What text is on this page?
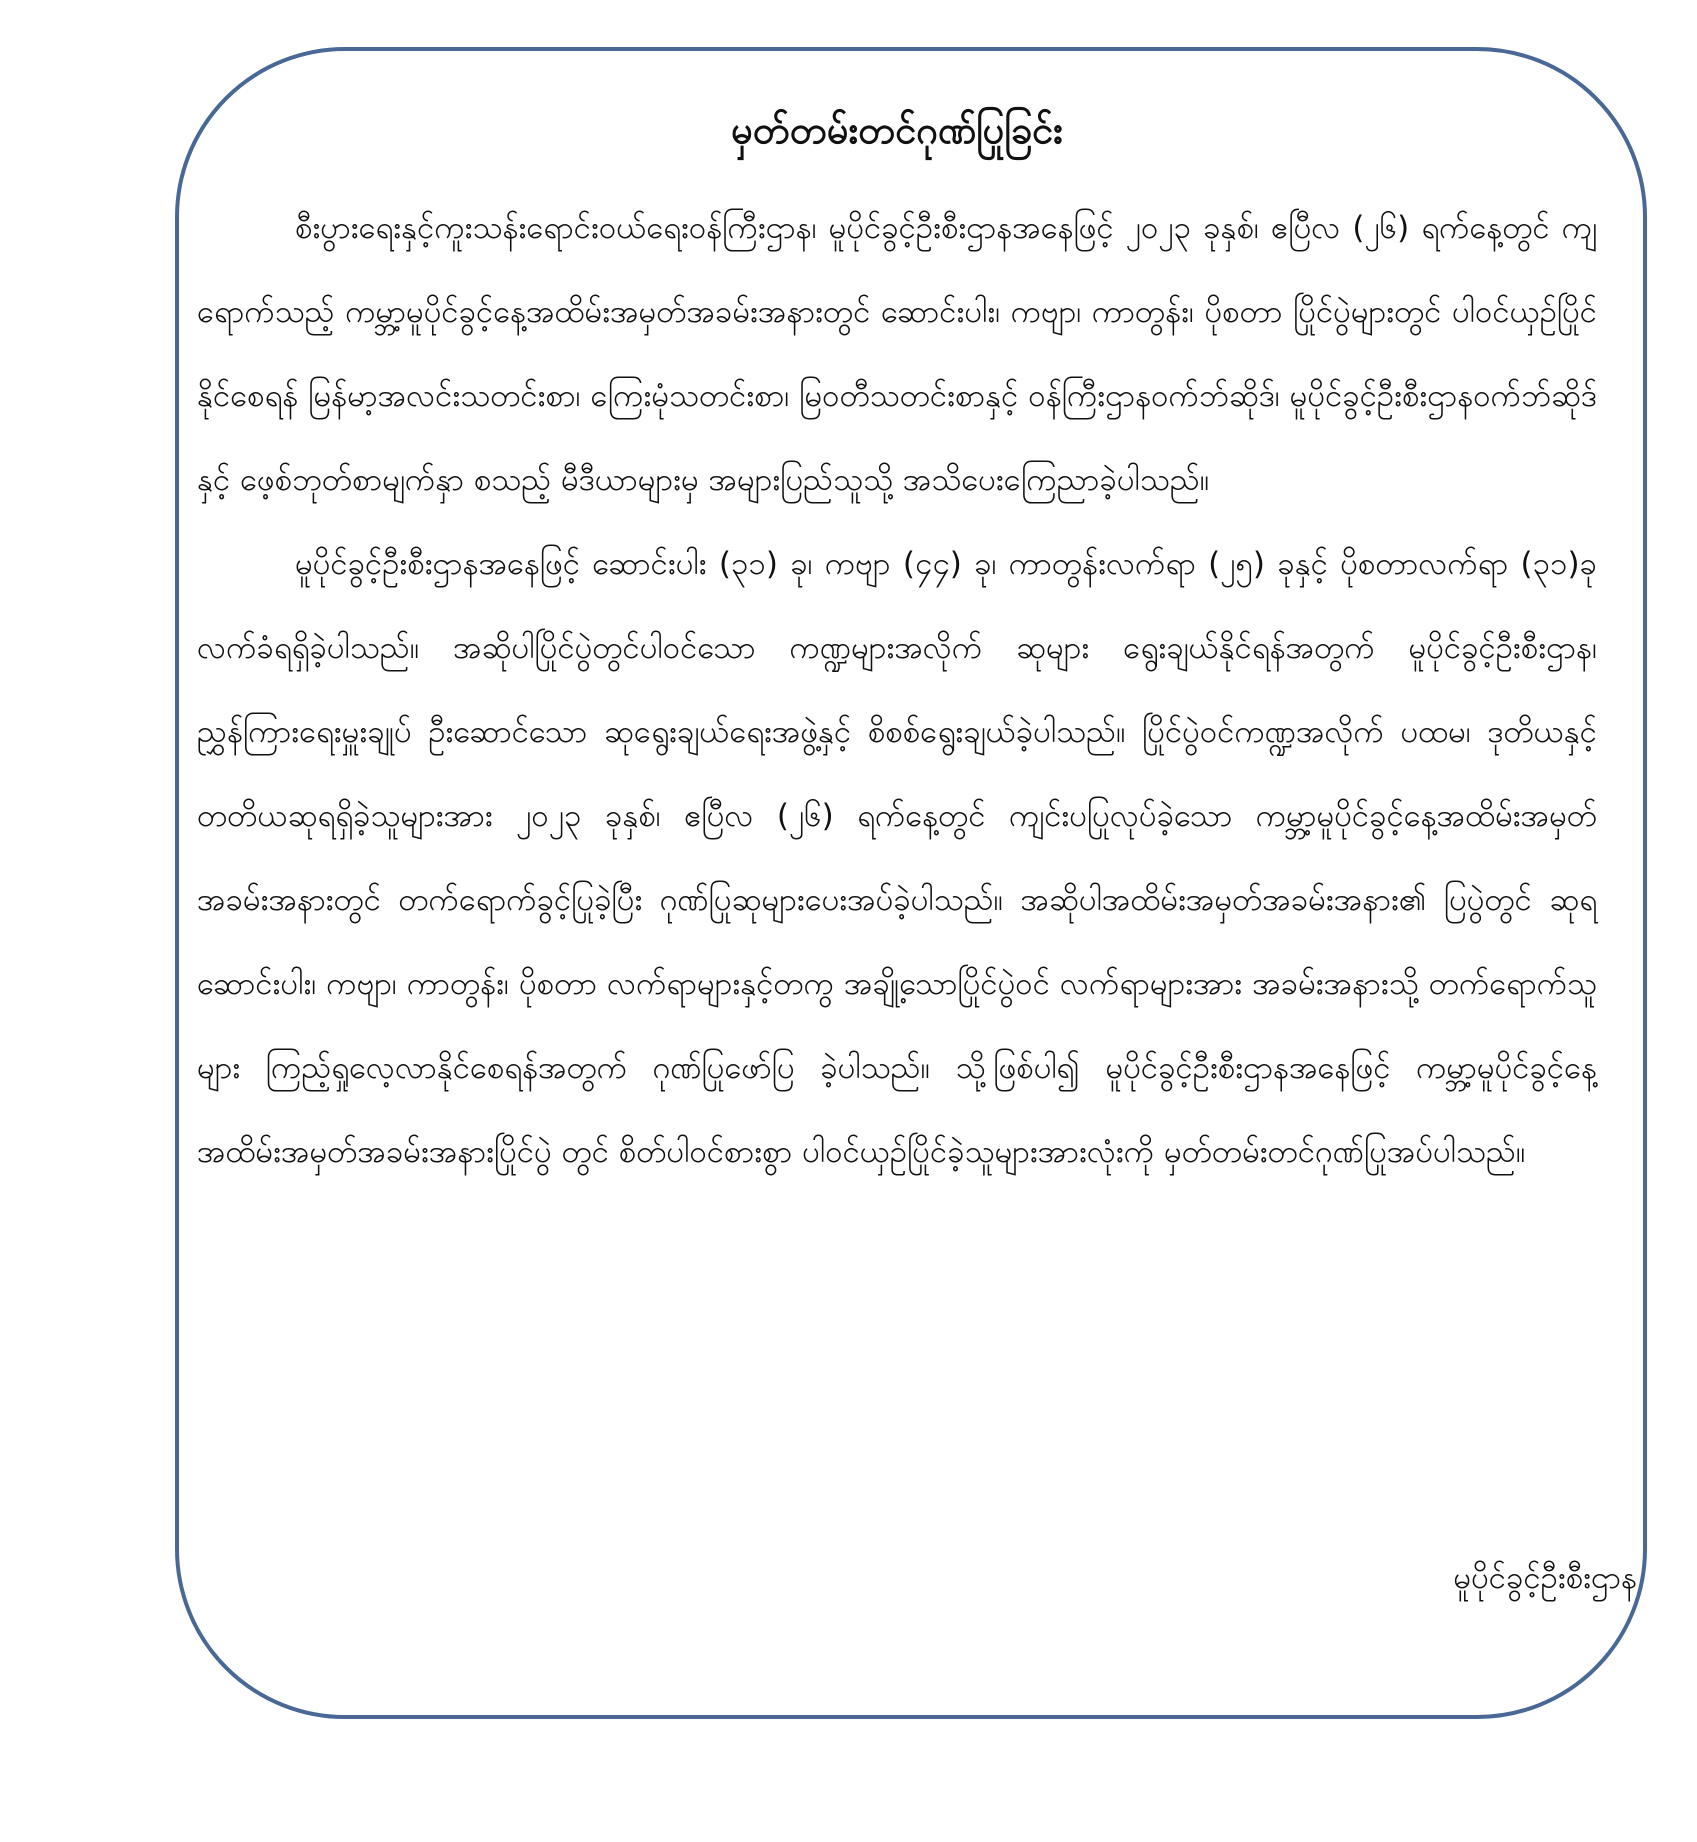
မှတ်တမ်းတင်ဂုဏ်ပြုခြင်း

စီးပွားရေးနှင့်ကူးသန်းရောင်းဝယ်ရေးဝန်ကြီးဌာန၊ မူပိုင်ခွင့်ဦးစီးဌာနအနေဖြင့် ၂၀၂၃ ခုနှစ်၊ ဧပြီလ (၂၆) ရက်နေ့တွင် ကျရောက်သည့် ကမ္ဘာ့မူပိုင်ခွင့်နေ့အထိမ်းအမှတ်အခမ်းအနားတွင် ဆောင်းပါး၊ ကဗျာ၊ ကာတွန်း၊ ပိုစတာ ပြိုင်ပွဲများတွင် ပါဝင်ယှဉ်ပြိုင်နိုင်စေရန် မြန်မာ့အလင်းသတင်းစာ၊ ကြေးမုံသတင်းစာ၊ မြဝတီသတင်းစာနှင့် ဝန်ကြီးဌာနဝက်ဘ်ဆိုဒ်၊ မူပိုင်ခွင့်ဦးစီးဌာနဝက်ဘ်ဆိုဒ်နှင့် ဖေ့စ်ဘုတ်စာမျက်နှာ စသည့် မီဒီယာများမှ အများပြည်သူသို့ အသိပေးကြေညာခဲ့ပါသည်။

မူပိုင်ခွင့်ဦးစီးဌာနအနေဖြင့် ဆောင်းပါး (၃၁) ခု၊ ကဗျာ (၄၄) ခု၊ ကာတွန်းလက်ရာ (၂၅) ခုနှင့် ပိုစတာလက်ရာ (၃၁)ခု လက်ခံရရှိခဲ့ပါသည်။ အဆိုပါပြိုင်ပွဲတွင်ပါဝင်သော ကဏ္ဍများအလိုက် ဆုများ ရွေးချယ်နိုင်ရန်အတွက် မူပိုင်ခွင့်ဦးစီးဌာန၊ ညွှန်ကြားရေးမှူးချုပ် ဦးဆောင်သော ဆုရွေးချယ်ရေးအဖွဲ့နှင့် စိစစ်ရွေးချယ်ခဲ့ပါသည်။ ပြိုင်ပွဲဝင်ကဏ္ဍအလိုက် ပထမ၊ ဒုတိယနှင့် တတိယဆုရရှိခဲ့သူများအား ၂၀၂၃ ခုနှစ်၊ ဧပြီလ (၂၆) ရက်နေ့တွင် ကျင်းပပြုလုပ်ခဲ့သော ကမ္ဘာ့မူပိုင်ခွင့်နေ့အထိမ်းအမှတ်အခမ်းအနားတွင် တက်ရောက်ခွင့်ပြုခဲ့ပြီး ဂုဏ်ပြုဆုများပေးအပ်ခဲ့ပါသည်။ အဆိုပါအထိမ်းအမှတ်အခမ်းအနား၏ ပြပွဲတွင် ဆုရဆောင်းပါး၊ ကဗျာ၊ ကာတွန်း၊ ပိုစတာ လက်ရာများနှင့်တကွ အချို့သောပြိုင်ပွဲဝင် လက်ရာများအား အခမ်းအနားသို့ တက်ရောက်သူများ ကြည့်ရှုလေ့လာနိုင်စေရန်အတွက် ဂုဏ်ပြုဖော်ပြ ခဲ့ပါသည်။ သို့ဖြစ်ပါ၍ မူပိုင်ခွင့်ဦးစီးဌာနအနေဖြင့် ကမ္ဘာ့မူပိုင်ခွင့်နေ့အထိမ်းအမှတ်အခမ်းအနားပြိုင်ပွဲ တွင် စိတ်ပါဝင်စားစွာ ပါဝင်ယှဉ်ပြိုင်ခဲ့သူများအားလုံးကို မှတ်တမ်းတင်ဂုဏ်ပြုအပ်ပါသည်။

မူပိုင်ခွင့်ဦးစီးဌာန
